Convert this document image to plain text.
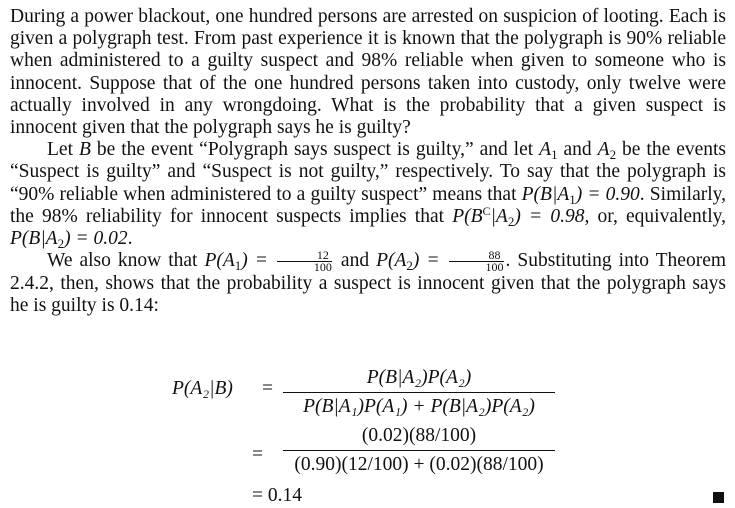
During a power blackout, one hundred persons are arrested on suspicion of looting. Each is given a polygraph test. From past experience it is known that the polygraph is 90% reliable when administered to a guilty suspect and 98% reliable when given to someone who is innocent. Suppose that of the one hundred persons taken into custody, only twelve were actually involved in any wrongdoing. What is the probability that a given suspect is innocent given that the polygraph says he is guilty?

Let B be the event “Polygraph says suspect is guilty,” and let $A_1$ and $A_2$ be the events “Suspect is guilty” and “Suspect is not guilty,” respectively. To say that the polygraph is “90% reliable when administered to a guilty suspect” means that $P(B|A_1) = 0.90$. Similarly, the 98% reliability for innocent suspects implies that $P(B^C|A_2) = 0.98$, or, equivalently, $P(B|A_2) = 0.02$.

We also know that $P(A_1) = \frac{12}{100}$ and $P(A_2) = \frac{88}{100}$ . Substituting into Theorem 2.4.2, then, shows that the probability a suspect is innocent given that the polygraph says he is guilty is 0.14:

P(A₂|B) =
P(B|A₂)P(A₂)
P(B|A₁)P(A₁) + P(B|A₂)P(A₂)
=
(0.02)(88/100)
(0.90)(12/100) + (0.02)(88/100)
= 0.14
